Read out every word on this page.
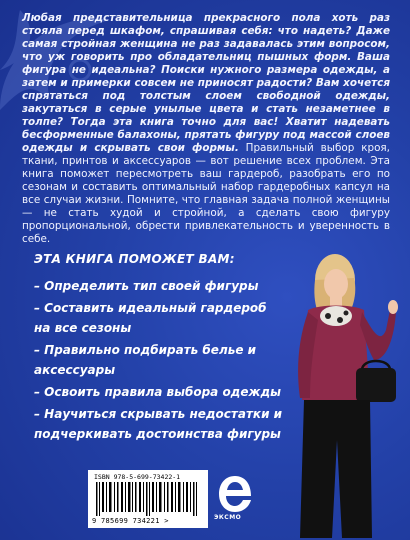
Любая представительница прекрасного пола хоть раз стояла перед шкафом, спрашивая себя: что надеть? Даже самая стройная женщина не раз задавалась этим вопросом, что уж говорить про обладательниц пышных форм. Ваша фигура не идеальна? Поиски нужного размера одежды, а затем и примерки совсем не приносят радости? Вам хочется спрятаться под толстым слоем свободной одежды, закутаться в серые унылые цвета и стать незаметнее в толпе? Тогда эта книга точно для вас! Хватит надевать бесформенные балахоны, прятать фигуру под массой слоев одежды и скрывать свои формы. Правильный выбор кроя, ткани, принтов и аксессуаров — вот решение всех проблем. Эта книга поможет пересмотреть ваш гардероб, разобрать его по сезонам и составить оптимальный набор гардеробных капсул на все случаи жизни. Помните, что главная задача полной женщины — не стать худой и стройной, а сделать свою фигуру пропорциональной, обрести привлекательность и уверенность в себе.

ЭТА КНИГА ПОМОЖЕТ ВАМ:
– Определить тип своей фигуры
– Составить идеальный гардероб на все сезоны
– Правильно подбирать белье и аксессуары
– Освоить правила выбора одежды
– Научиться скрывать недостатки и подчеркивать достоинства фигуры
ISBN 978-5-699-73422-1
9 785699 734221 >	ЭКСМО
